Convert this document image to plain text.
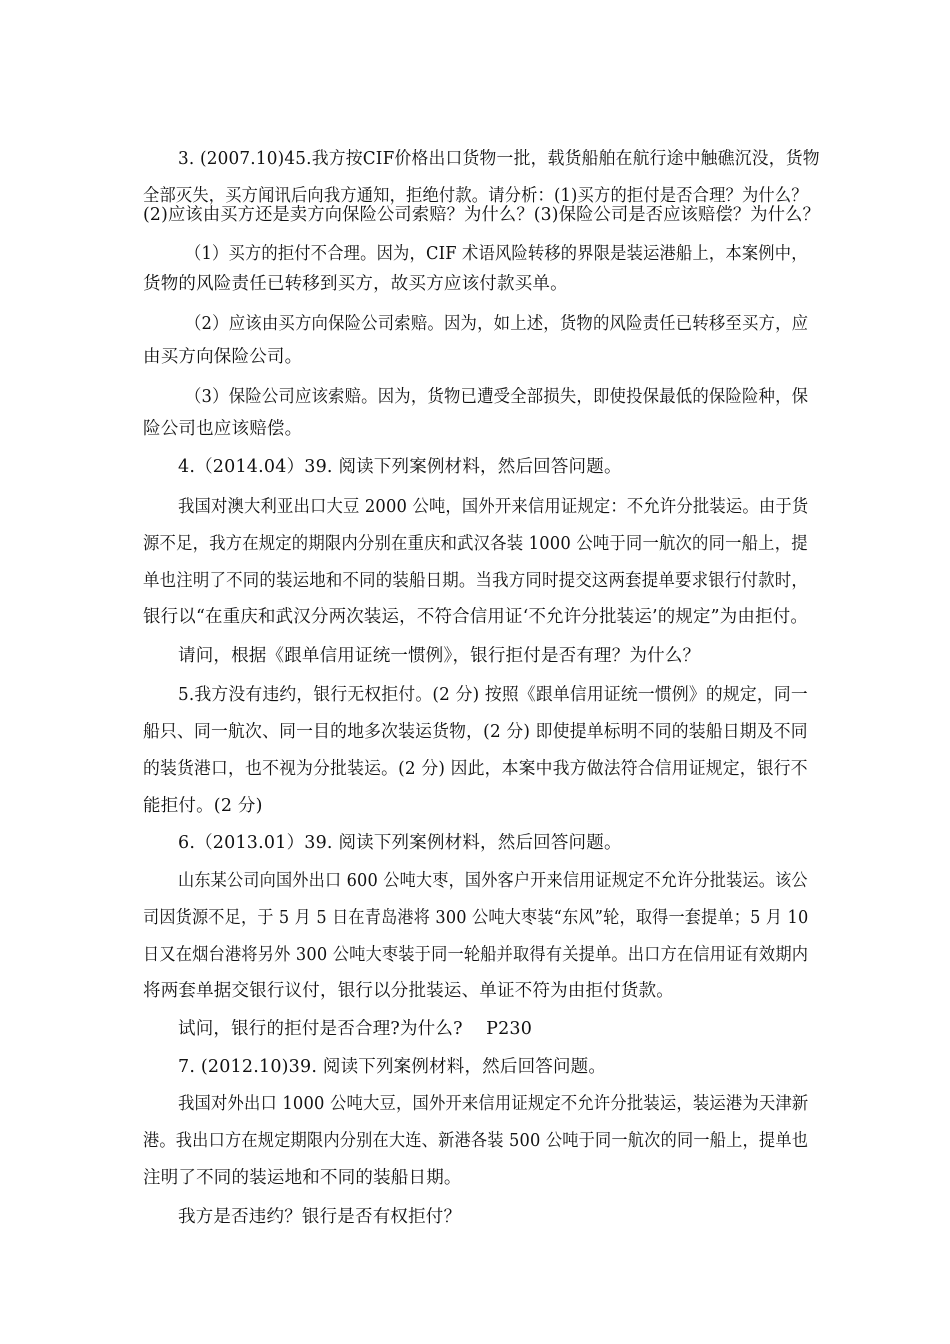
3. (2007.10)45.我方按CIF价格出口货物一批，载货船舶在航行途中触礁沉没，货物
全部灭失，买方闻讯后向我方通知，拒绝付款。请分析：(1)买方的拒付是否合理？为什么？
(2)应该由买方还是卖方向保险公司索赔？为什么？(3)保险公司是否应该赔偿？为什么？
（1）买方的拒付不合理。因为，CIF 术语风险转移的界限是装运港船上，本案例中，
货物的风险责任已转移到买方，故买方应该付款买单。
（2）应该由买方向保险公司索赔。因为，如上述，货物的风险责任已转移至买方，应
由买方向保险公司。
（3）保险公司应该索赔。因为，货物已遭受全部损失，即使投保最低的保险险种，保
险公司也应该赔偿。
4.（2014.04）39. 阅读下列案例材料，然后回答问题。
我国对澳大利亚出口大豆 2000 公吨，国外开来信用证规定：不允许分批装运。由于货
源不足，我方在规定的期限内分别在重庆和武汉各装 1000 公吨于同一航次的同一船上，提
单也注明了不同的装运地和不同的装船日期。当我方同时提交这两套提单要求银行付款时，
银行以“在重庆和武汉分两次装运，不符合信用证‘不允许分批装运’的规定”为由拒付。
请问，根据《跟单信用证统一惯例》，银行拒付是否有理？为什么？
5.我方没有违约，银行无权拒付。(2 分) 按照《跟单信用证统一惯例》的规定，同一
船只、同一航次、同一目的地多次装运货物，(2 分) 即使提单标明不同的装船日期及不同
的装货港口，也不视为分批装运。(2 分) 因此，本案中我方做法符合信用证规定，银行不
能拒付。(2 分)
6.（2013.01）39. 阅读下列案例材料，然后回答问题。
山东某公司向国外出口 600 公吨大枣，国外客户开来信用证规定不允许分批装运。该公
司因货源不足，于 5 月 5 日在青岛港将 300 公吨大枣装“东风”轮，取得一套提单；5 月 10
日又在烟台港将另外 300 公吨大枣装于同一轮船并取得有关提单。出口方在信用证有效期内
将两套单据交银行议付，银行以分批装运、单证不符为由拒付货款。
试问，银行的拒付是否合理?为什么?　 P230
7. (2012.10)39. 阅读下列案例材料，然后回答问题。
我国对外出口 1000 公吨大豆，国外开来信用证规定不允许分批装运，装运港为天津新
港。我出口方在规定期限内分别在大连、新港各装 500 公吨于同一航次的同一船上，提单也
注明了不同的装运地和不同的装船日期。
我方是否违约？银行是否有权拒付？
